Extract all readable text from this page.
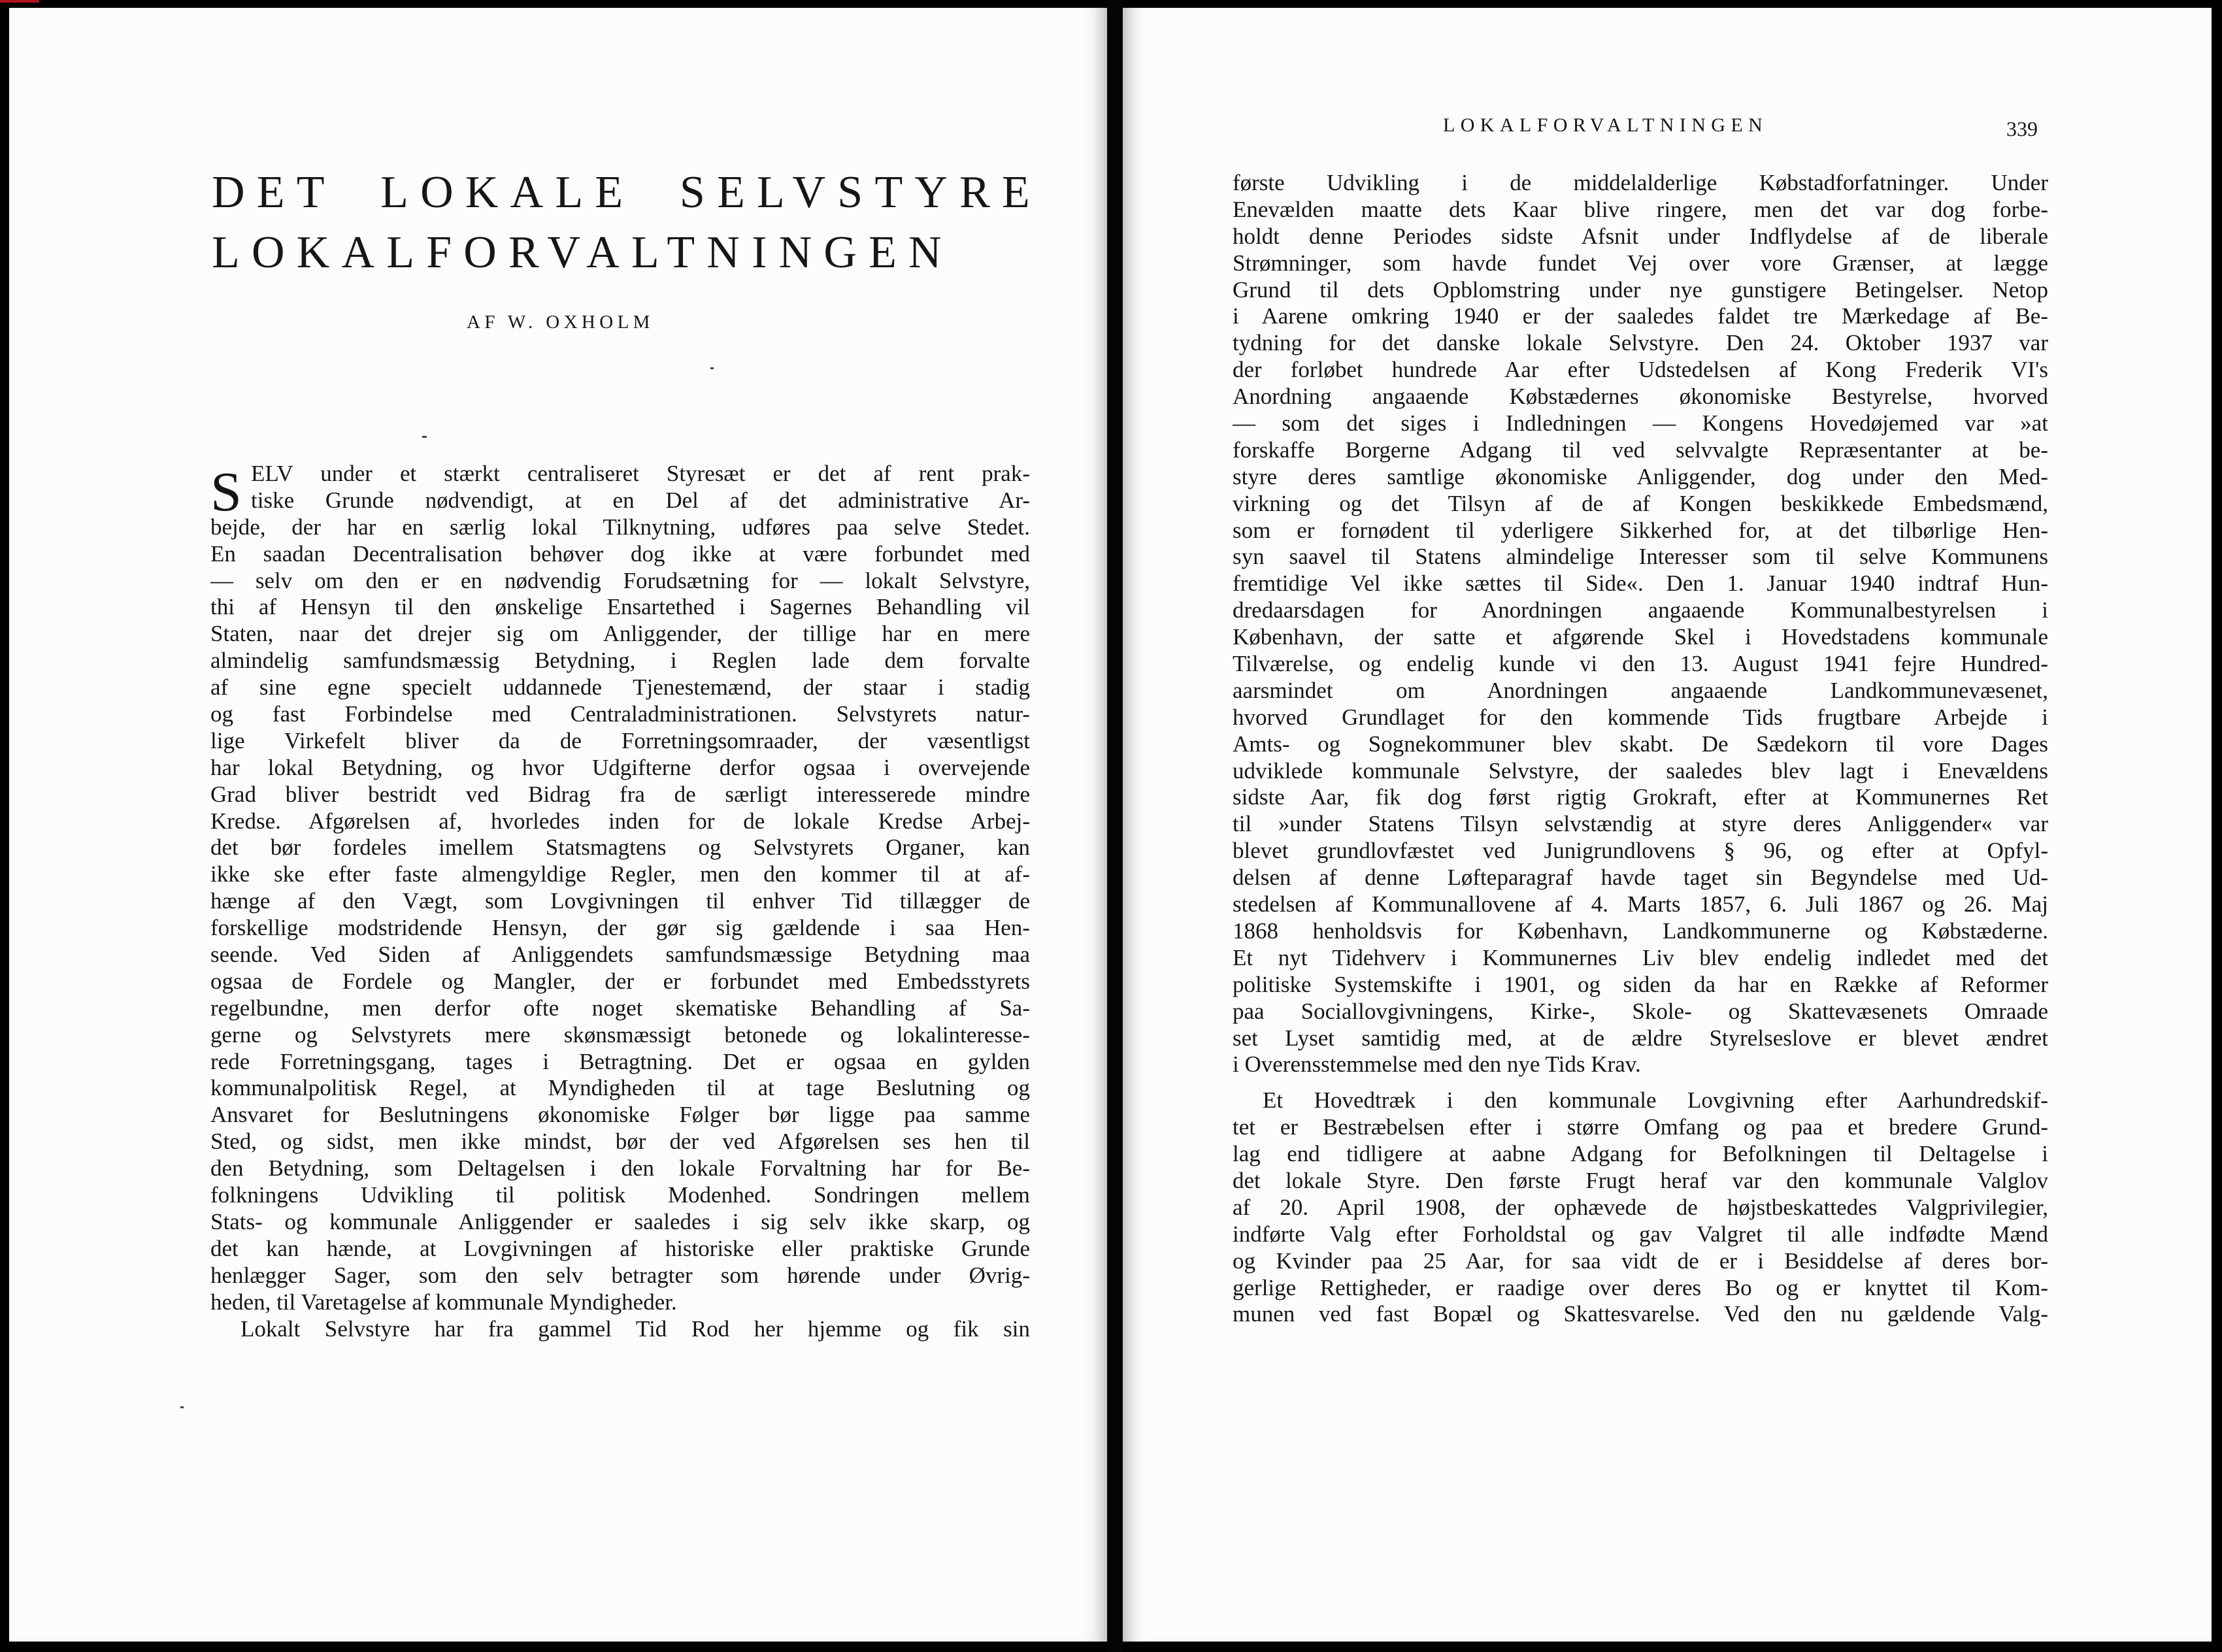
DET LOKALE SELVSTYRE
LOKALFORVALTNINGEN

AF W. OXHOLM

S ELV under et stærkt centraliseret Styresæt er det af rent prak-
tiske Grunde nødvendigt, at en Del af det administrative Ar-
bejde, der har en særlig lokal Tilknytning, udføres paa selve Stedet.
En saadan Decentralisation behøver dog ikke at være forbundet med
— selv om den er en nødvendig Forudsætning for — lokalt Selvstyre,
thi af Hensyn til den ønskelige Ensartethed i Sagernes Behandling vil
Staten, naar det drejer sig om Anliggender, der tillige har en mere
almindelig samfundsmæssig Betydning, i Reglen lade dem forvalte
af sine egne specielt uddannede Tjenestemænd, der staar i stadig
og fast Forbindelse med Centraladministrationen. Selvstyrets natur-
lige Virkefelt bliver da de Forretningsomraader, der væsentligst
har lokal Betydning, og hvor Udgifterne derfor ogsaa i overvejende
Grad bliver bestridt ved Bidrag fra de særligt interesserede mindre
Kredse. Afgørelsen af, hvorledes inden for de lokale Kredse Arbej-
det bør fordeles imellem Statsmagtens og Selvstyrets Organer, kan
ikke ske efter faste almengyldige Regler, men den kommer til at af-
hænge af den Vægt, som Lovgivningen til enhver Tid tillægger de
forskellige modstridende Hensyn, der gør sig gældende i saa Hen-
seende. Ved Siden af Anliggendets samfundsmæssige Betydning maa
ogsaa de Fordele og Mangler, der er forbundet med Embedsstyrets
regelbundne, men derfor ofte noget skematiske Behandling af Sa-
gerne og Selvstyrets mere skønsmæssigt betonede og lokalinteresse-
rede Forretningsgang, tages i Betragtning. Det er ogsaa en gylden
kommunalpolitisk Regel, at Myndigheden til at tage Beslutning og
Ansvaret for Beslutningens økonomiske Følger bør ligge paa samme
Sted, og sidst, men ikke mindst, bør der ved Afgørelsen ses hen til
den Betydning, som Deltagelsen i den lokale Forvaltning har for Be-
folkningens Udvikling til politisk Modenhed. Sondringen mellem
Stats- og kommunale Anliggender er saaledes i sig selv ikke skarp, og
det kan hænde, at Lovgivningen af historiske eller praktiske Grunde
henlægger Sager, som den selv betragter som hørende under Øvrig-
heden, til Varetagelse af kommunale Myndigheder.
Lokalt Selvstyre har fra gammel Tid Rod her hjemme og fik sin

LOKALFORVALTNINGEN	339

første Udvikling i de middelalderlige Købstadforfatninger. Under
Enevælden maatte dets Kaar blive ringere, men det var dog forbe-
holdt denne Periodes sidste Afsnit under Indflydelse af de liberale
Strømninger, som havde fundet Vej over vore Grænser, at lægge
Grund til dets Opblomstring under nye gunstigere Betingelser. Netop
i Aarene omkring 1940 er der saaledes faldet tre Mærkedage af Be-
tydning for det danske lokale Selvstyre. Den 24. Oktober 1937 var
der forløbet hundrede Aar efter Udstedelsen af Kong Frederik VI's
Anordning angaaende Købstædernes økonomiske Bestyrelse, hvorved
— som det siges i Indledningen — Kongens Hovedøjemed var »at
forskaffe Borgerne Adgang til ved selvvalgte Repræsentanter at be-
styre deres samtlige økonomiske Anliggender, dog under den Med-
virkning og det Tilsyn af de af Kongen beskikkede Embedsmænd,
som er fornødent til yderligere Sikkerhed for, at det tilbørlige Hen-
syn saavel til Statens almindelige Interesser som til selve Kommunens
fremtidige Vel ikke sættes til Side«. Den 1. Januar 1940 indtraf Hun-
dredaarsdagen for Anordningen angaaende Kommunalbestyrelsen i
København, der satte et afgørende Skel i Hovedstadens kommunale
Tilværelse, og endelig kunde vi den 13. August 1941 fejre Hundred-
aarsmindet om Anordningen angaaende Landkommunevæsenet,
hvorved Grundlaget for den kommende Tids frugtbare Arbejde i
Amts- og Sognekommuner blev skabt. De Sædekorn til vore Dages
udviklede kommunale Selvstyre, der saaledes blev lagt i Enevældens
sidste Aar, fik dog først rigtig Grokraft, efter at Kommunernes Ret
til »under Statens Tilsyn selvstændig at styre deres Anliggender« var
blevet grundlovfæstet ved Junigrundlovens § 96, og efter at Opfyl-
delsen af denne Løfteparagraf havde taget sin Begyndelse med Ud-
stedelsen af Kommunallovene af 4. Marts 1857, 6. Juli 1867 og 26. Maj
1868 henholdsvis for København, Landkommunerne og Købstæderne.
Et nyt Tidehverv i Kommunernes Liv blev endelig indledet med det
politiske Systemskifte i 1901, og siden da har en Række af Reformer
paa Sociallovgivningens, Kirke-, Skole- og Skattevæsenets Omraade
set Lyset samtidig med, at de ældre Styrelseslove er blevet ændret
i Overensstemmelse med den nye Tids Krav.
Et Hovedtræk i den kommunale Lovgivning efter Aarhundredskif-
tet er Bestræbelsen efter i større Omfang og paa et bredere Grund-
lag end tidligere at aabne Adgang for Befolkningen til Deltagelse i
det lokale Styre. Den første Frugt heraf var den kommunale Valglov
af 20. April 1908, der ophævede de højstbeskattedes Valgprivilegier,
indførte Valg efter Forholdstal og gav Valgret til alle indfødte Mænd
og Kvinder paa 25 Aar, for saa vidt de er i Besiddelse af deres bor-
gerlige Rettigheder, er raadige over deres Bo og er knyttet til Kom-
munen ved fast Bopæl og Skattesvarelse. Ved den nu gældende Valg-
